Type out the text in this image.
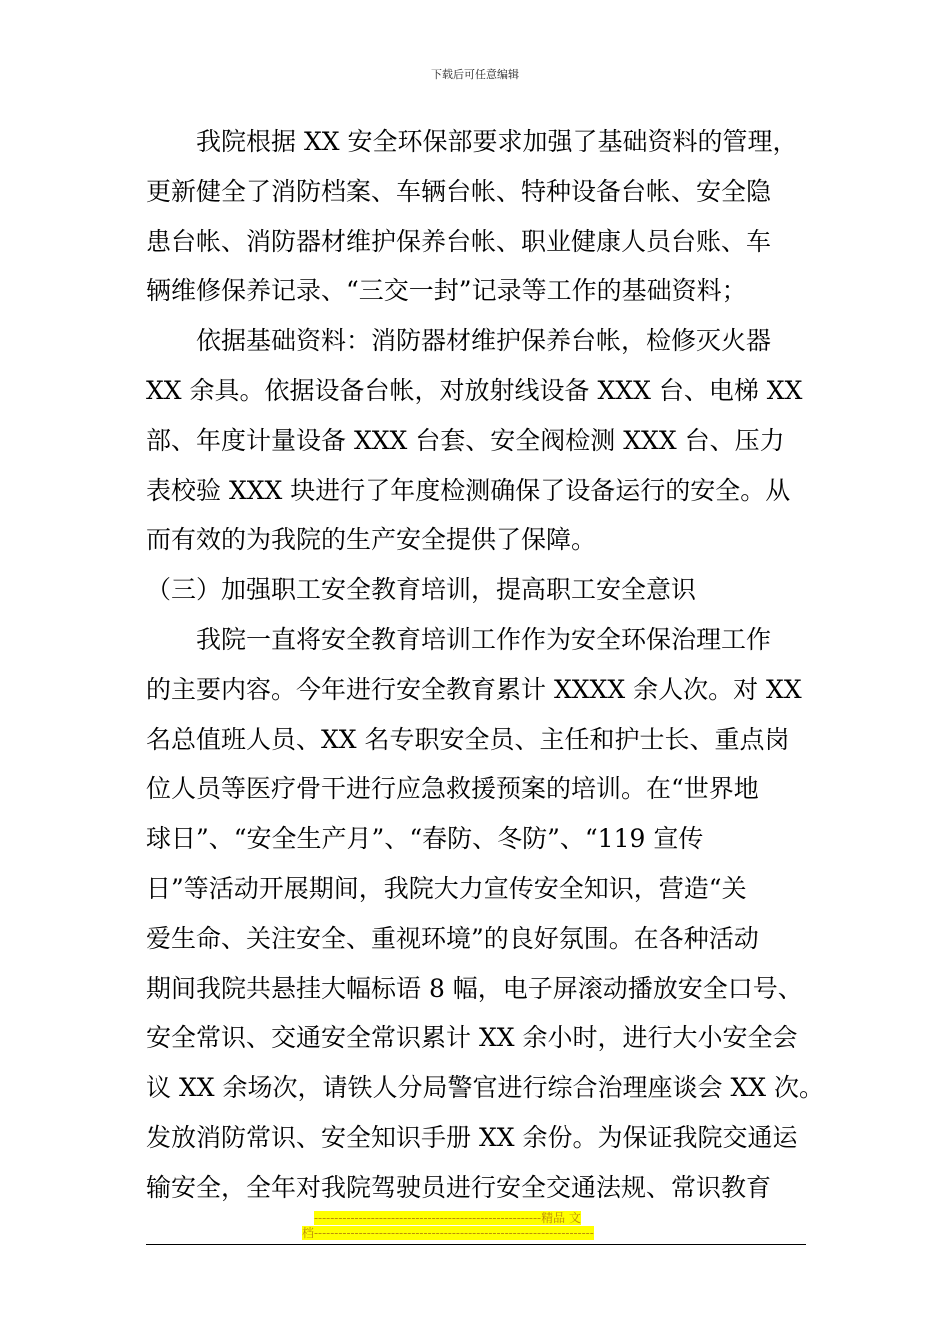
下载后可任意编辑
我院根据 XX 安全环保部要求加强了基础资料的管理，
更新健全了消防档案、车辆台帐、特种设备台帐、安全隐
患台帐、消防器材维护保养台帐、职业健康人员台账、车
辆维修保养记录、“三交一封”记录等工作的基础资料；
依据基础资料：消防器材维护保养台帐，检修灭火器
XX 余具。依据设备台帐，对放射线设备 XXX 台、电梯 XX
部、年度计量设备 XXX 台套、安全阀检测 XXX 台、压力
表校验 XXX 块进行了年度检测确保了设备运行的安全。从
而有效的为我院的生产安全提供了保障。
（三）加强职工安全教育培训，提高职工安全意识
我院一直将安全教育培训工作作为安全环保治理工作
的主要内容。今年进行安全教育累计 XXXX 余人次。对 XX
名总值班人员、XX 名专职安全员、主任和护士长、重点岗
位人员等医疗骨干进行应急救援预案的培训。在“世界地
球日”、“安全生产月”、“春防、冬防”、“119 宣传
日”等活动开展期间，我院大力宣传安全知识，营造“关
爱生命、关注安全、重视环境”的良好氛围。在各种活动
期间我院共悬挂大幅标语 8 幅，电子屏滚动播放安全口号、
安全常识、交通安全常识累计 XX 余小时，进行大小安全会
议 XX 余场次，请铁人分局警官进行综合治理座谈会 XX 次。
发放消防常识、安全知识手册 XX 余份。为保证我院交通运
输安全，全年对我院驾驶员进行安全交通法规、常识教育
--------------------------------------------------------精品 文
档---------------------------------------------------------------------
